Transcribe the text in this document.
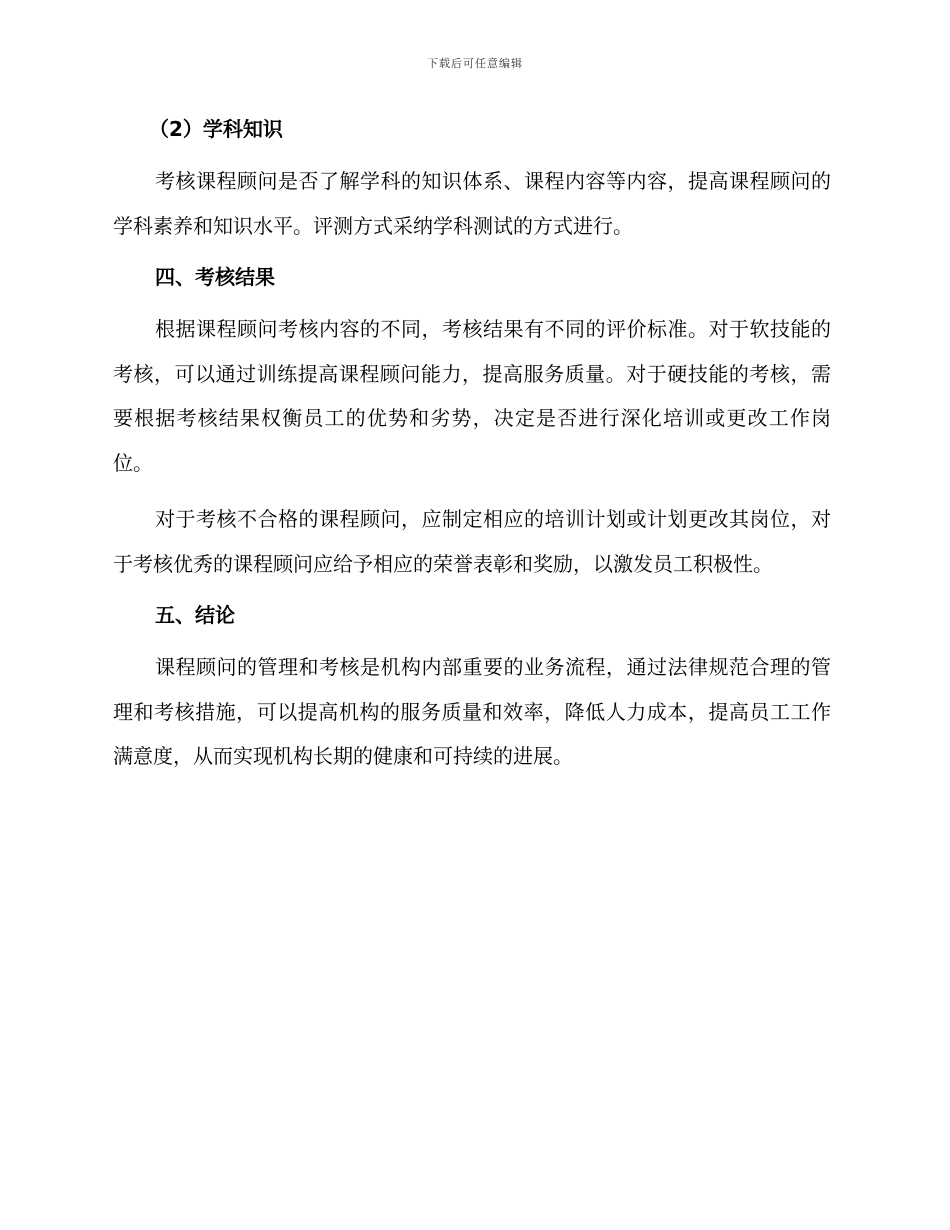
下载后可任意编辑
（2）学科知识

考核课程顾问是否了解学科的知识体系、课程内容等内容，提高课程顾问的学科素养和知识水平。评测方式采纳学科测试的方式进行。

四、考核结果

根据课程顾问考核内容的不同，考核结果有不同的评价标准。对于软技能的考核，可以通过训练提高课程顾问能力，提高服务质量。对于硬技能的考核，需要根据考核结果权衡员工的优势和劣势，决定是否进行深化培训或更改工作岗位。

对于考核不合格的课程顾问，应制定相应的培训计划或计划更改其岗位，对于考核优秀的课程顾问应给予相应的荣誉表彰和奖励，以激发员工积极性。

五、结论

课程顾问的管理和考核是机构内部重要的业务流程，通过法律规范合理的管理和考核措施，可以提高机构的服务质量和效率，降低人力成本，提高员工工作满意度，从而实现机构长期的健康和可持续的进展。
